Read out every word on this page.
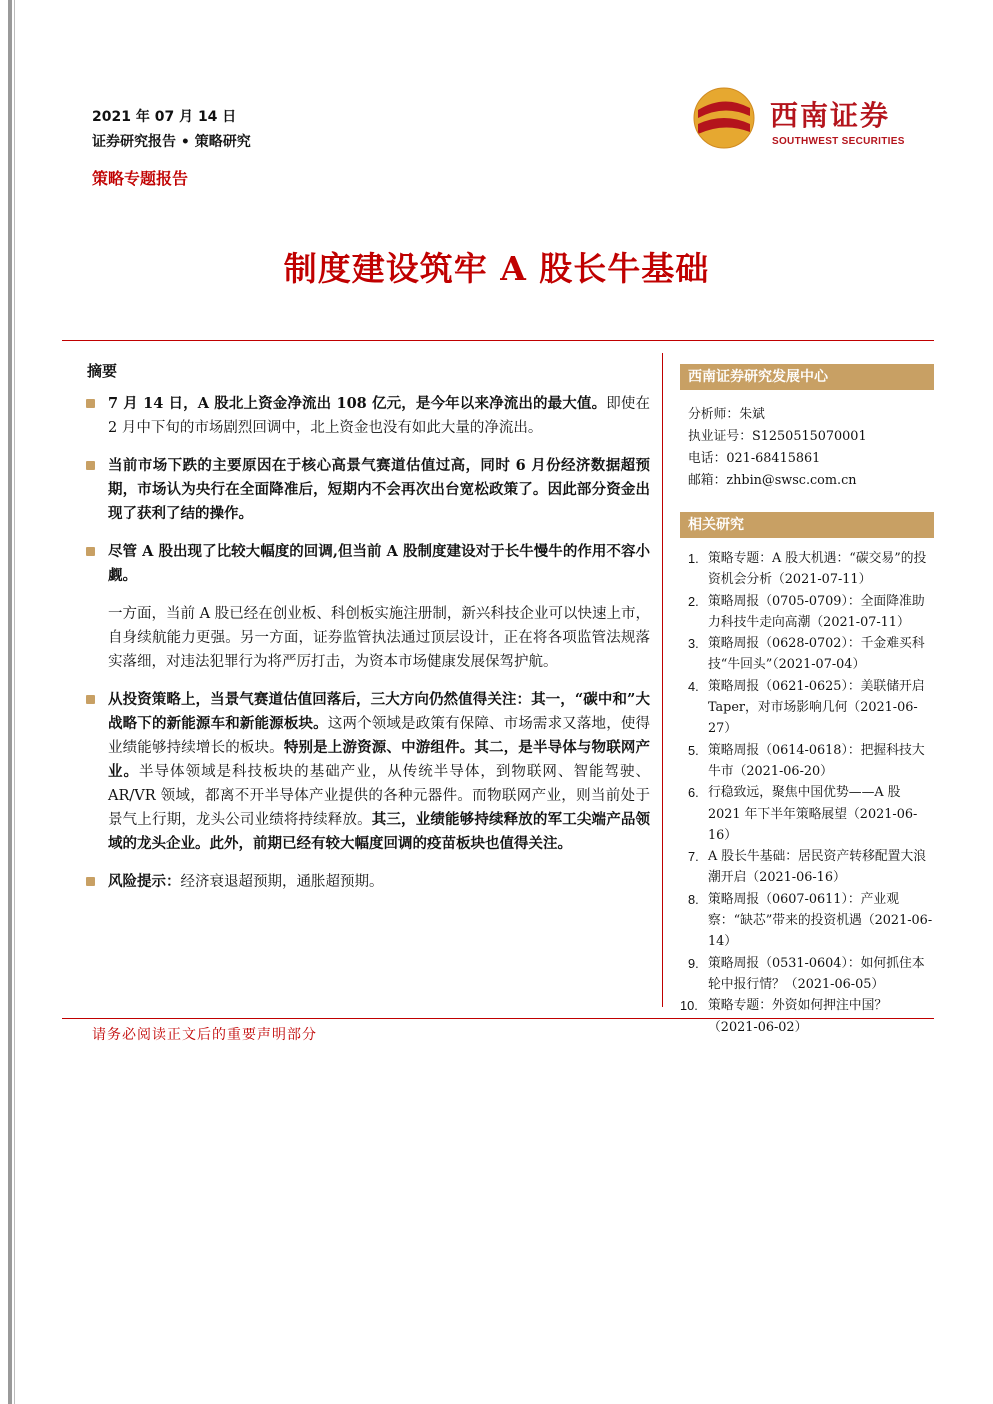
2021 年 07 月 14 日
证券研究报告 • 策略研究
策略专题报告
西南证券
SOUTHWEST SECURITIES
制度建设筑牢 A 股长牛基础
摘要
7 月 14 日，A 股北上资金净流出 108 亿元，是今年以来净流出的最大值。即使在 2 月中下旬的市场剧烈回调中，北上资金也没有如此大量的净流出。
当前市场下跌的主要原因在于核心高景气赛道估值过高，同时 6 月份经济数据超预期，市场认为央行在全面降准后，短期内不会再次出台宽松政策了。因此部分资金出现了获利了结的操作。
尽管 A 股出现了比较大幅度的回调,但当前 A 股制度建设对于长牛慢牛的作用不容小觑。
一方面，当前 A 股已经在创业板、科创板实施注册制，新兴科技企业可以快速上市，自身续航能力更强。另一方面，证券监管执法通过顶层设计，正在将各项监管法规落实落细，对违法犯罪行为将严厉打击，为资本市场健康发展保驾护航。
从投资策略上，当景气赛道估值回落后，三大方向仍然值得关注：其一，“碳中和”大战略下的新能源车和新能源板块。这两个领域是政策有保障、市场需求又落地，使得业绩能够持续增长的板块。特别是上游资源、中游组件。其二，是半导体与物联网产业。半导体领域是科技板块的基础产业，从传统半导体，到物联网、智能驾驶、AR/VR 领域，都离不开半导体产业提供的各种元器件。而物联网产业，则当前处于景气上行期，龙头公司业绩将持续释放。其三，业绩能够持续释放的军工尖端产品领域的龙头企业。此外，前期已经有较大幅度回调的疫苗板块也值得关注。
风险提示：经济衰退超预期，通胀超预期。
西南证券研究发展中心
分析师：朱斌
执业证号：S1250515070001
电话：021-68415861
邮箱：zhbin@swsc.com.cn
相关研究
1. 策略专题：A 股大机遇：“碳交易”的投资机会分析（2021-07-11）
2. 策略周报（0705-0709）：全面降准助力科技牛走向高潮（2021-07-11）
3. 策略周报（0628-0702）：千金难买科技“牛回头”（2021-07-04）
4. 策略周报（0621-0625）：美联储开启 Taper，对市场影响几何（2021-06-27）
5. 策略周报（0614-0618）：把握科技大牛市（2021-06-20）
6. 行稳致远，聚焦中国优势——A 股 2021 年下半年策略展望（2021-06-16）
7. A 股长牛基础：居民资产转移配置大浪潮开启（2021-06-16）
8. 策略周报（0607-0611）：产业观察：“缺芯”带来的投资机遇（2021-06-14）
9. 策略周报（0531-0604）：如何抓住本轮中报行情？（2021-06-05）
10. 策略专题：外资如何押注中国？（2021-06-02）
请务必阅读正文后的重要声明部分
